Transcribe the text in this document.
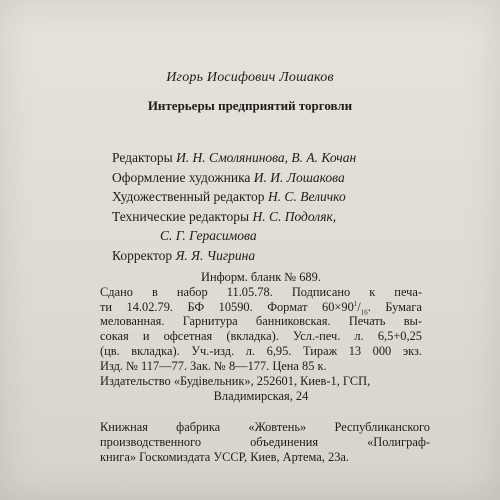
Игорь Иосифович Лошаков
Интерьеры предприятий торговли
Редакторы И. Н. Смолянинова, В. А. Кочан
Оформление художника И. И. Лошакова
Художественный редактор Н. С. Величко
Технические редакторы Н. С. Подоляк,
С. Г. Герасимова
Корректор Я. Я. Чигрина
Информ. бланк № 689.
Сдано в набор 11.05.78. Подписано к печа-
ти 14.02.79. БФ 10590. Формат $60\times 90^1/_{16}$. Бумага
мелованная. Гарнитура банниковская. Печать вы-
сокая и офсетная (вкладка). Усл.-печ. л. 6,5+0,25
(цв. вкладка). Уч.-изд. л. 6,95. Тираж 13 000 экз.
Изд. № 117—77. Зак. № 8—177. Цена 85 к.
Издательство «Будівельник», 252601, Киев-1, ГСП,
Владимирская, 24
Книжная фабрика «Жовтень» Республиканского
производственного объединения «Полиграф-
книга» Госкомиздата УССР, Киев, Артема, 23а.
